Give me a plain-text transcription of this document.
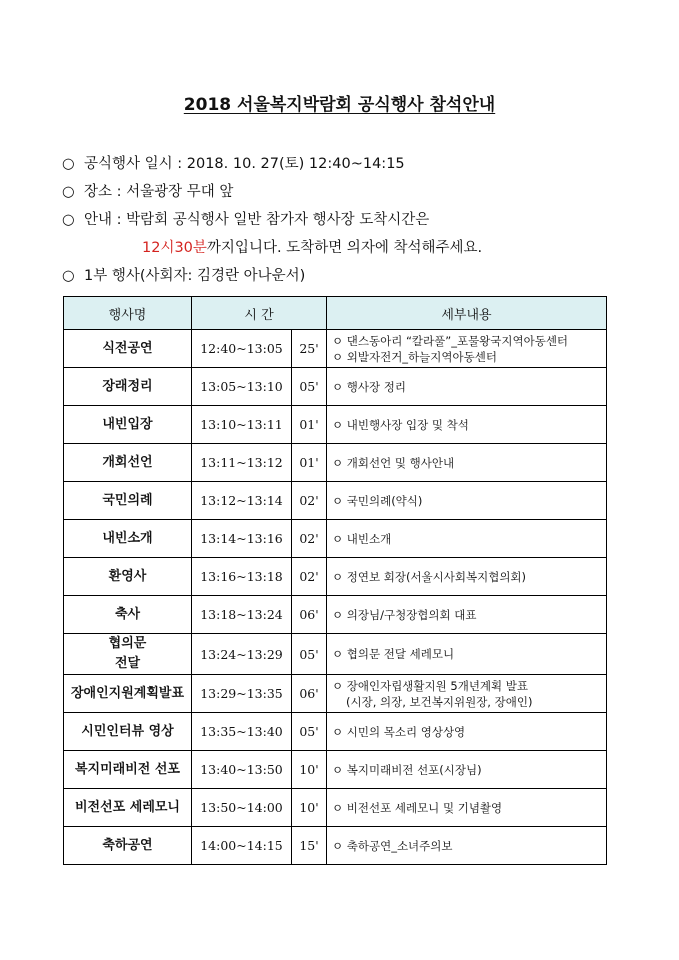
2018 서울복지박람회 공식행사 참석안내
○ 공식행사 일시 : 2018. 10. 27(토) 12:40~14:15
○ 장소 : 서울광장 무대 앞
○ 안내 : 박람회 공식행사 일반 참가자 행사장 도착시간은
12시30분까지입니다. 도착하면 의자에 착석해주세요.
○ 1부 행사(사회자: 김경란 아나운서)
행사명	시 간		세부내용
식전공연	12:40~13:05	25'	ㅇ 댄스동아리 “칼라풀”_포물왕국지역아동센터
ㅇ 외발자전거_하늘지역아동센터

장래정리	13:05~13:10	05'	ㅇ 행사장 정리

내빈입장	13:10~13:11	01'	ㅇ 내빈행사장 입장 및 착석

개회선언	13:11~13:12	01'	ㅇ 개회선언 및 행사안내

국민의례	13:12~13:14	02'	ㅇ 국민의례(약식)

내빈소개	13:14~13:16	02'	ㅇ 내빈소개

환영사	13:16~13:18	02'	ㅇ 정연보 회장(서울시사회복지협의회)

축사	13:18~13:24	06'	ㅇ 의장님/구청장협의회 대표

협의문
전달	13:24~13:29	05'	ㅇ 협의문 전달 세레모니

장애인지원계획발표	13:29~13:35	06'	ㅇ 장애인자립생활지원 5개년계획 발표
(시장, 의장, 보건복지위원장, 장애인)

시민인터뷰 영상	13:35~13:40	05'	ㅇ 시민의 목소리 영상상영

복지미래비전 선포	13:40~13:50	10'	ㅇ 복지미래비전 선포(시장님)

비전선포 세레모니	13:50~14:00	10'	ㅇ 비전선포 세레모니 및 기념촬영

축하공연	14:00~14:15	15'	ㅇ 축하공연_소녀주의보
